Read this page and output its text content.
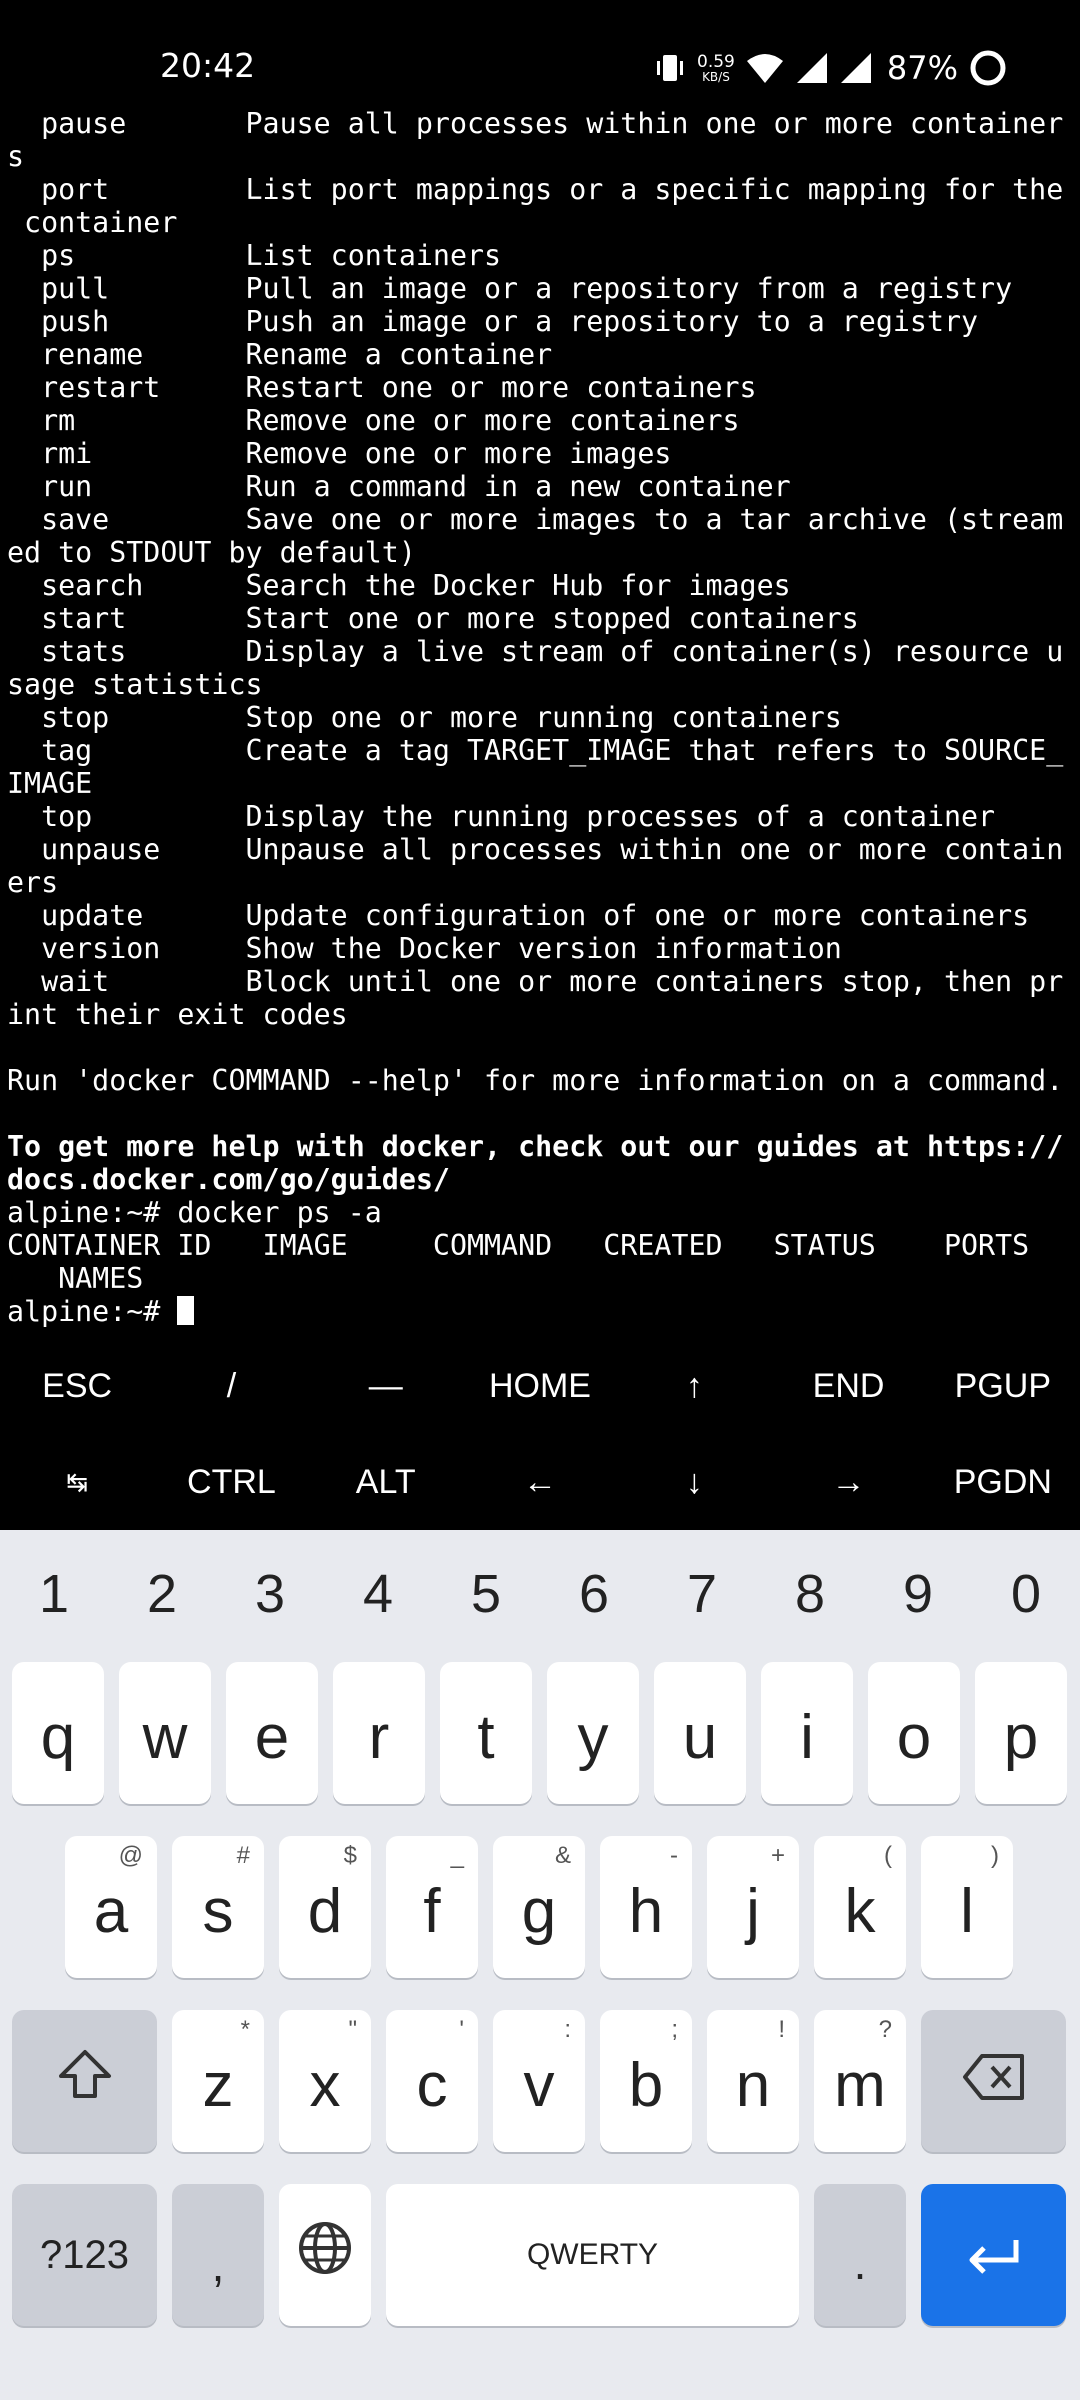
20:42	0.59
KB/S	87%
pause       Pause all processes within one or more container
s
port        List port mappings or a specific mapping for the
container
ps          List containers
pull        Pull an image or a repository from a registry
push        Push an image or a repository to a registry
rename      Rename a container
restart     Restart one or more containers
rm          Remove one or more containers
rmi         Remove one or more images
run         Run a command in a new container
save        Save one or more images to a tar archive (stream
ed to STDOUT by default)
search      Search the Docker Hub for images
start       Start one or more stopped containers
stats       Display a live stream of container(s) resource u
sage statistics
stop        Stop one or more running containers
tag         Create a tag TARGET_IMAGE that refers to SOURCE_
IMAGE
top         Display the running processes of a container
unpause     Unpause all processes within one or more contain
ers
update      Update configuration of one or more containers
version     Show the Docker version information
wait        Block until one or more containers stop, then pr
int their exit codes
Run 'docker COMMAND --help' for more information on a command.
To get more help with docker, check out our guides at https://
docs.docker.com/go/guides/
alpine:~# docker ps -a
CONTAINER ID   IMAGE     COMMAND   CREATED   STATUS    PORTS
NAMES
alpine:~#
ESC	/	—	HOME	↑	END	PGUP
↹	CTRL	ALT	←	↓	→	PGDN
1	2	3	4	5	6	7	8	9	0
?123 ,	QWERTY	.
q w e r t y u i o p
@
a
#
s
$
d
_
f
&
g
-
h
+
j
(
k
)
l
*
z
"
x
'
c
:
v
;
b
!
n
?
m
